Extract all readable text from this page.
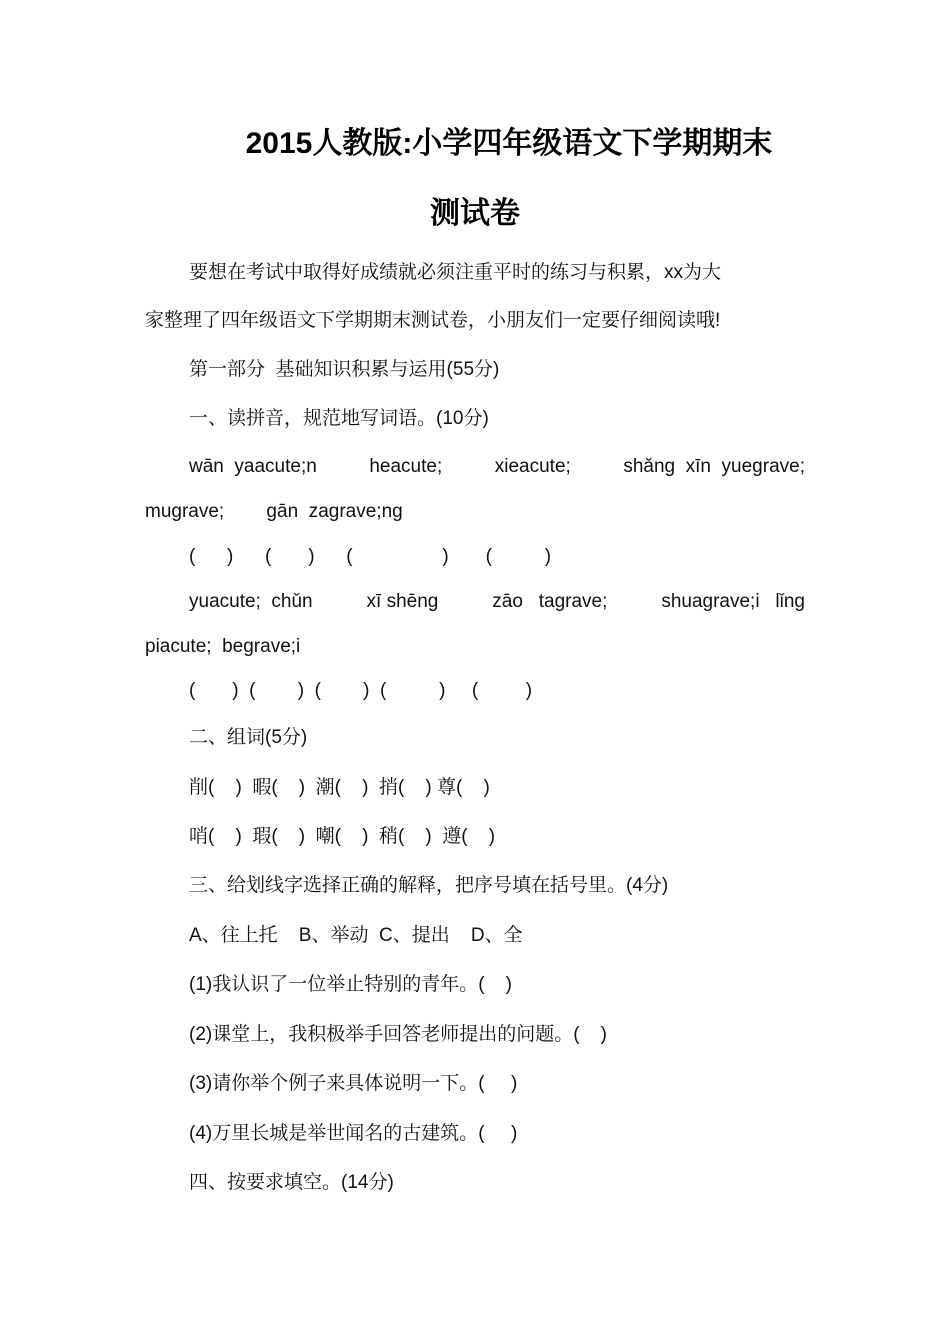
2015人教版:小学四年级语文下学期期末
测试卷
要想在考试中取得好成绩就必须注重平时的练习与积累，xx为大
家整理了四年级语文下学期期末测试卷，小朋友们一定要仔细阅读哦!
第一部分  基础知识积累与运用(55分)
一、读拼音，规范地写词语。(10分)
wān  yaacute;n	heacute;	xieacute;	shǎng  xīn  yuegrave;
mugrave;        gān  zagrave;ng
(      )      (       )      (                 )       (          )
yuacute;  chǔn	xī shēng	zāo   tagrave;	shuagrave;i   lǐng
piacute;  begrave;i
(       )  (        )  (        )  (          )     (         )
二、组词(5分)
削(    )  暇(    )  潮(    )  捎(    ) 尊(    )
哨(    )  瑕(    )  嘲(    )  稍(    )  遵(    )
三、给划线字选择正确的解释，把序号填在括号里。(4分)
A、往上托    B、举动  C、提出    D、全
(1)我认识了一位举止特别的青年。(    )
(2)课堂上，我积极举手回答老师提出的问题。(    )
(3)请你举个例子来具体说明一下。(     )
(4)万里长城是举世闻名的古建筑。(     )
四、按要求填空。(14分)
